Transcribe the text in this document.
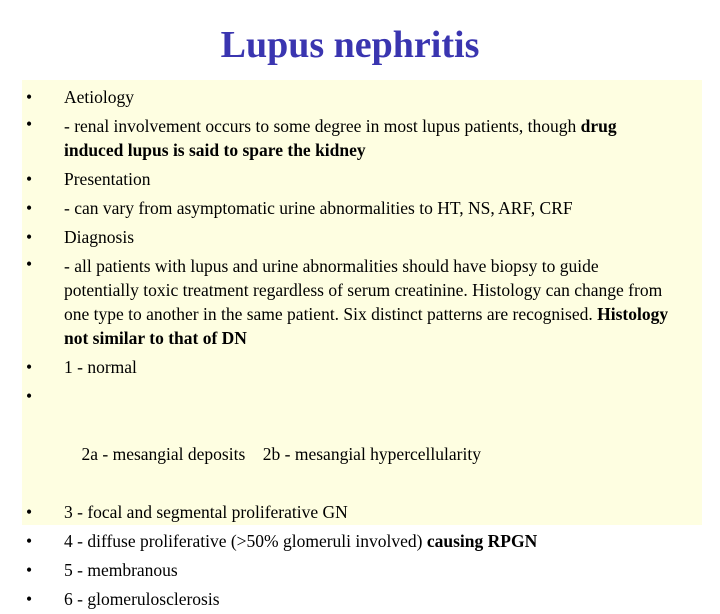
Lupus nephritis
• Aetiology
• - renal involvement occurs to some degree in most lupus patients, though drug induced lupus is said to spare the kidney
• Presentation
• - can vary from asymptomatic urine abnormalities to HT, NS, ARF, CRF
• Diagnosis
• - all patients with lupus and urine abnormalities should have biopsy to guide potentially toxic treatment regardless of serum creatinine. Histology can change from one type to another in the same patient. Six distinct patterns are recognised. Histology not similar to that of DN
• 1 - normal

•

2a - mesangial deposits    2b - mesangial hypercellularity

• 3 - focal and segmental proliferative GN
• 4 - diffuse proliferative (>50% glomeruli involved) causing RPGN
• 5 - membranous
• 6 - glomerulosclerosis
